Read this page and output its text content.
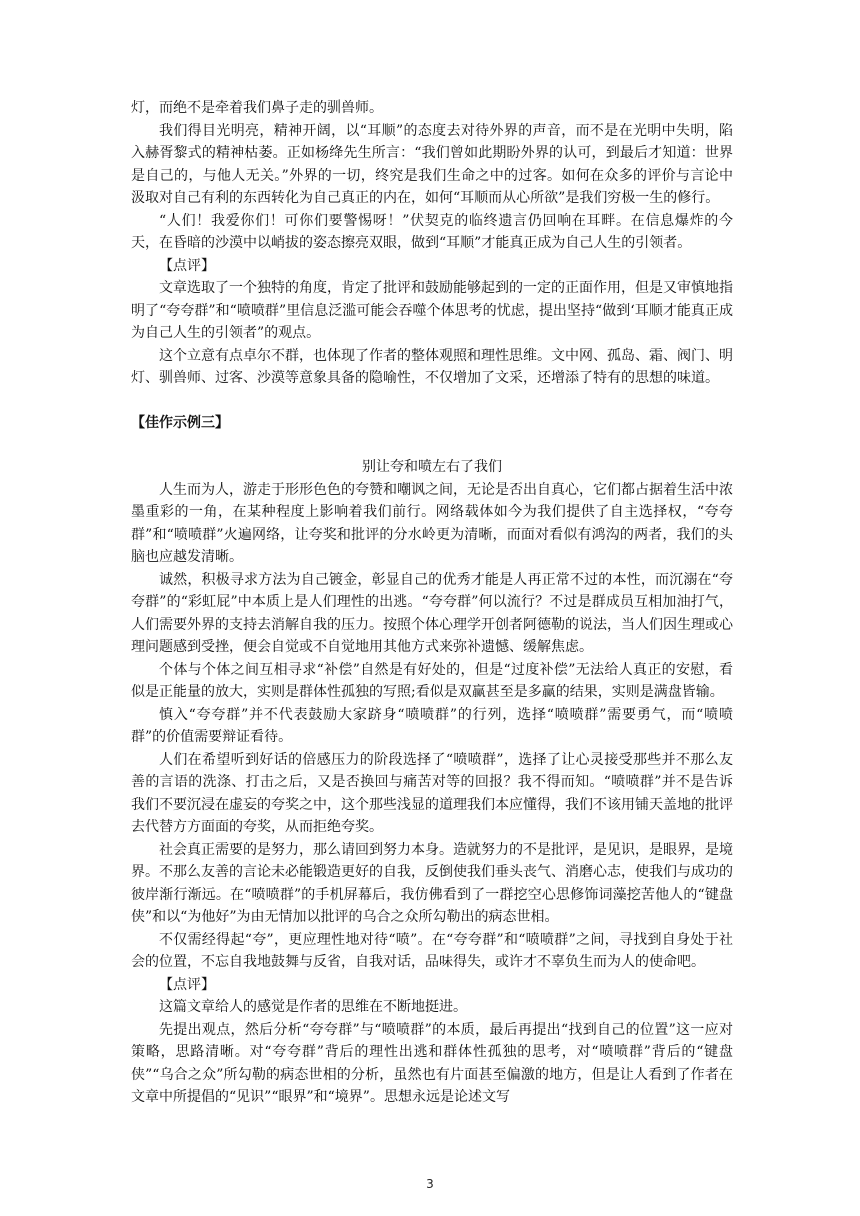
灯，而绝不是牵着我们鼻子走的驯兽师。

我们得目光明亮，精神开阔，以“耳顺”的态度去对待外界的声音，而不是在光明中失明，陷入赫胥黎式的精神枯萎。正如杨绛先生所言：“我们曾如此期盼外界的认可，到最后才知道：世界是自己的，与他人无关。”外界的一切，终究是我们生命之中的过客。如何在众多的评价与言论中汲取对自己有利的东西转化为自己真正的内在，如何“耳顺而从心所欲”是我们穷极一生的修行。

“人们！我爱你们！可你们要警惕呀！”伏契克的临终遗言仍回响在耳畔。在信息爆炸的今天，在昏暗的沙漠中以峭拔的姿态擦亮双眼，做到“耳顺”才能真正成为自己人生的引领者。

【点评】

文章选取了一个独特的角度，肯定了批评和鼓励能够起到的一定的正面作用，但是又审慎地指明了“夸夸群”和“喷喷群”里信息泛滥可能会吞噬个体思考的忧虑，提出坚持“做到‘耳顺才能真正成为自己人生的引领者”的观点。

这个立意有点卓尔不群，也体现了作者的整体观照和理性思维。文中网、孤岛、霜、阀门、明灯、驯兽师、过客、沙漠等意象具备的隐喻性，不仅增加了文采，还增添了特有的思想的味道。

【佳作示例三】

别让夸和喷左右了我们

人生而为人，游走于形形色色的夸赞和嘲讽之间，无论是否出自真心，它们都占据着生活中浓墨重彩的一角，在某种程度上影响着我们前行。网络载体如今为我们提供了自主选择权，“夸夸群”和“喷喷群”火遍网络，让夸奖和批评的分水岭更为清晰，而面对看似有鸿沟的两者，我们的头脑也应越发清晰。

诚然，积极寻求方法为自己镀金，彰显自己的优秀才能是人再正常不过的本性，而沉溺在“夸夸群”的“彩虹屁”中本质上是人们理性的出逃。“夸夸群”何以流行？不过是群成员互相加油打气，人们需要外界的支持去消解自我的压力。按照个体心理学开创者阿德勒的说法，当人们因生理或心理问题感到受挫，便会自觉或不自觉地用其他方式来弥补遗憾、缓解焦虑。

个体与个体之间互相寻求“补偿”自然是有好处的，但是“过度补偿”无法给人真正的安慰，看似是正能量的放大，实则是群体性孤独的写照;看似是双赢甚至是多赢的结果，实则是满盘皆输。

慎入“夸夸群”并不代表鼓励大家跻身“喷喷群”的行列，选择“喷喷群”需要勇气，而“喷喷群”的价值需要辩证看待。

人们在希望听到好话的倍感压力的阶段选择了“喷喷群”，选择了让心灵接受那些并不那么友善的言语的洗涤、打击之后，又是否换回与痛苦对等的回报？我不得而知。“喷喷群”并不是告诉我们不要沉浸在虚妄的夸奖之中，这个那些浅显的道理我们本应懂得，我们不该用铺天盖地的批评去代替方方面面的夸奖，从而拒绝夸奖。

社会真正需要的是努力，那么请回到努力本身。造就努力的不是批评，是见识，是眼界，是境界。不那么友善的言论未必能锻造更好的自我，反倒使我们垂头丧气、消磨心志，使我们与成功的彼岸渐行渐远。在“喷喷群”的手机屏幕后，我仿佛看到了一群挖空心思修饰词藻挖苦他人的“键盘侠”和以“为他好”为由无情加以批评的乌合之众所勾勒出的病态世相。

不仅需经得起“夸”，更应理性地对待“喷”。在“夸夸群”和“喷喷群”之间，寻找到自身处于社会的位置，不忘自我地鼓舞与反省，自我对话，品味得失，或许才不辜负生而为人的使命吧。

【点评】

这篇文章给人的感觉是作者的思维在不断地挺进。

先提出观点，然后分析“夸夸群”与“喷喷群”的本质，最后再提出“找到自己的位置”这一应对策略，思路清晰。对“夸夸群”背后的理性出逃和群体性孤独的思考，对“喷喷群”背后的“键盘侠”“乌合之众”所勾勒的病态世相的分析，虽然也有片面甚至偏激的地方，但是让人看到了作者在文章中所提倡的“见识”“眼界”和“境界”。思想永远是论述文写

3
